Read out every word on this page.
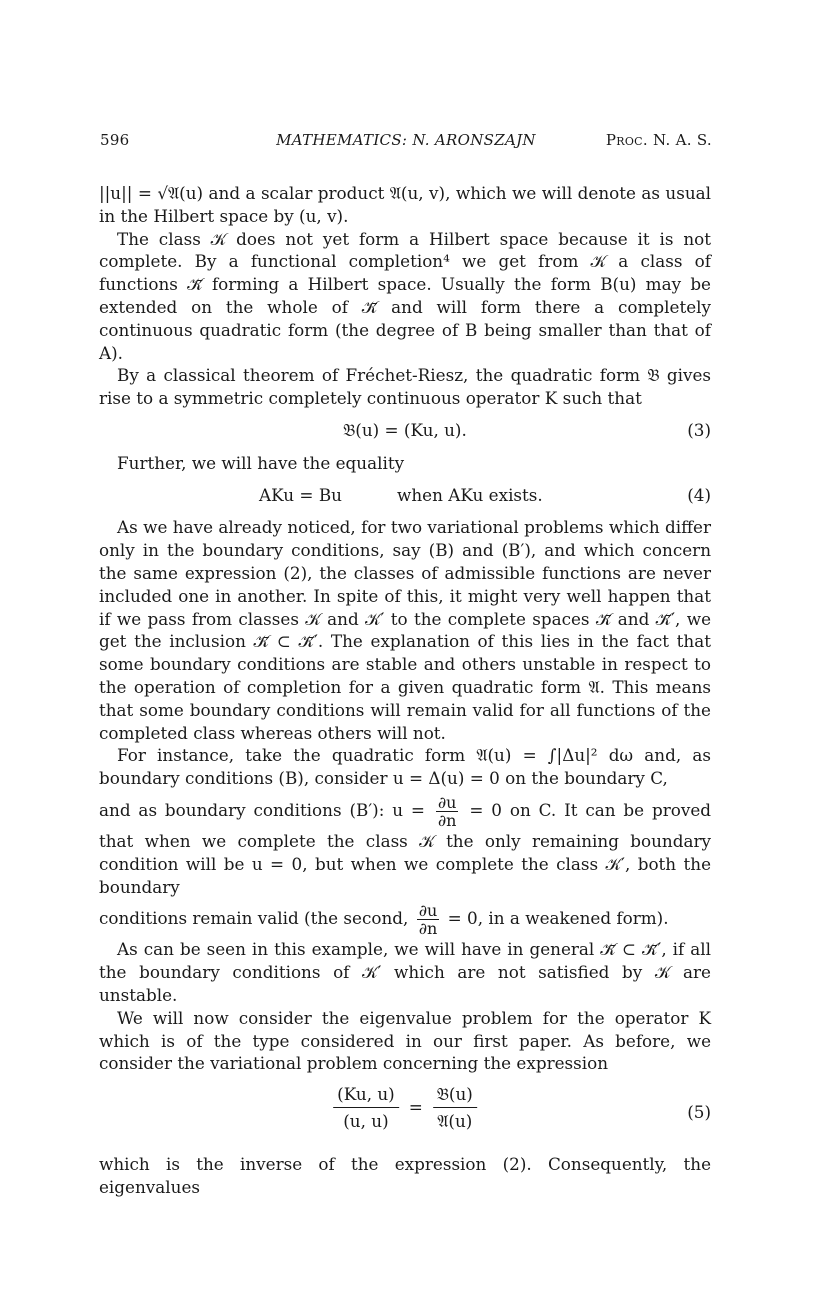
596	MATHEMATICS: N. ARONSZAJN	Proc. N. A. S.

||u|| = √𝔄(u) and a scalar product 𝔄(u, v), which we will denote as usual in the Hilbert space by (u, v).

The class 𝒦 does not yet form a Hilbert space because it is not complete. By a functional completion⁴ we get from 𝒦 a class of functions 𝒦̄ forming a Hilbert space. Usually the form B(u) may be extended on the whole of 𝒦̄ and will form there a completely continuous quadratic form (the degree of B being smaller than that of A).

By a classical theorem of Fréchet-Riesz, the quadratic form 𝔅 gives rise to a symmetric completely continuous operator K such that

𝔅(u) = (Ku, u).	(3)

Further, we will have the equality

AKu = Bu	when AKu exists.	(4)

As we have already noticed, for two variational problems which differ only in the boundary conditions, say (B) and (B′), and which concern the same expression (2), the classes of admissible functions are never included one in another. In spite of this, it might very well happen that if we pass from classes 𝒦 and 𝒦′ to the complete spaces 𝒦̄ and 𝒦̄′, we get the inclusion 𝒦̄ ⊂ 𝒦̄′. The explanation of this lies in the fact that some boundary conditions are stable and others unstable in respect to the operation of completion for a given quadratic form 𝔄. This means that some boundary conditions will remain valid for all functions of the completed class whereas others will not.

For instance, take the quadratic form 𝔄(u) = ∫|Δu|² dω and, as boundary conditions (B), consider u = Δ(u) = 0 on the boundary C,

and as boundary conditions (B′): $u = \frac{\partial u}{\partial n} = 0$ on C. It can be proved

that when we complete the class 𝒦 the only remaining boundary condition will be u = 0, but when we complete the class 𝒦′, both the boundary

conditions remain valid (the second, $\frac{\partial u}{\partial n} = 0$, in a weakened form).

As can be seen in this example, we will have in general 𝒦̄ ⊂ 𝒦̄′, if all the boundary conditions of 𝒦′ which are not satisfied by 𝒦 are unstable.

We will now consider the eigenvalue problem for the operator K which is of the type considered in our first paper. As before, we consider the variational problem concerning the expression

$\frac{(Ku, u)}{(u, u)} = \frac{\text{𝔅(u)}}{\text{𝔄(u)}}$	(5)

which is the inverse of the expression (2). Consequently, the eigenvalues
